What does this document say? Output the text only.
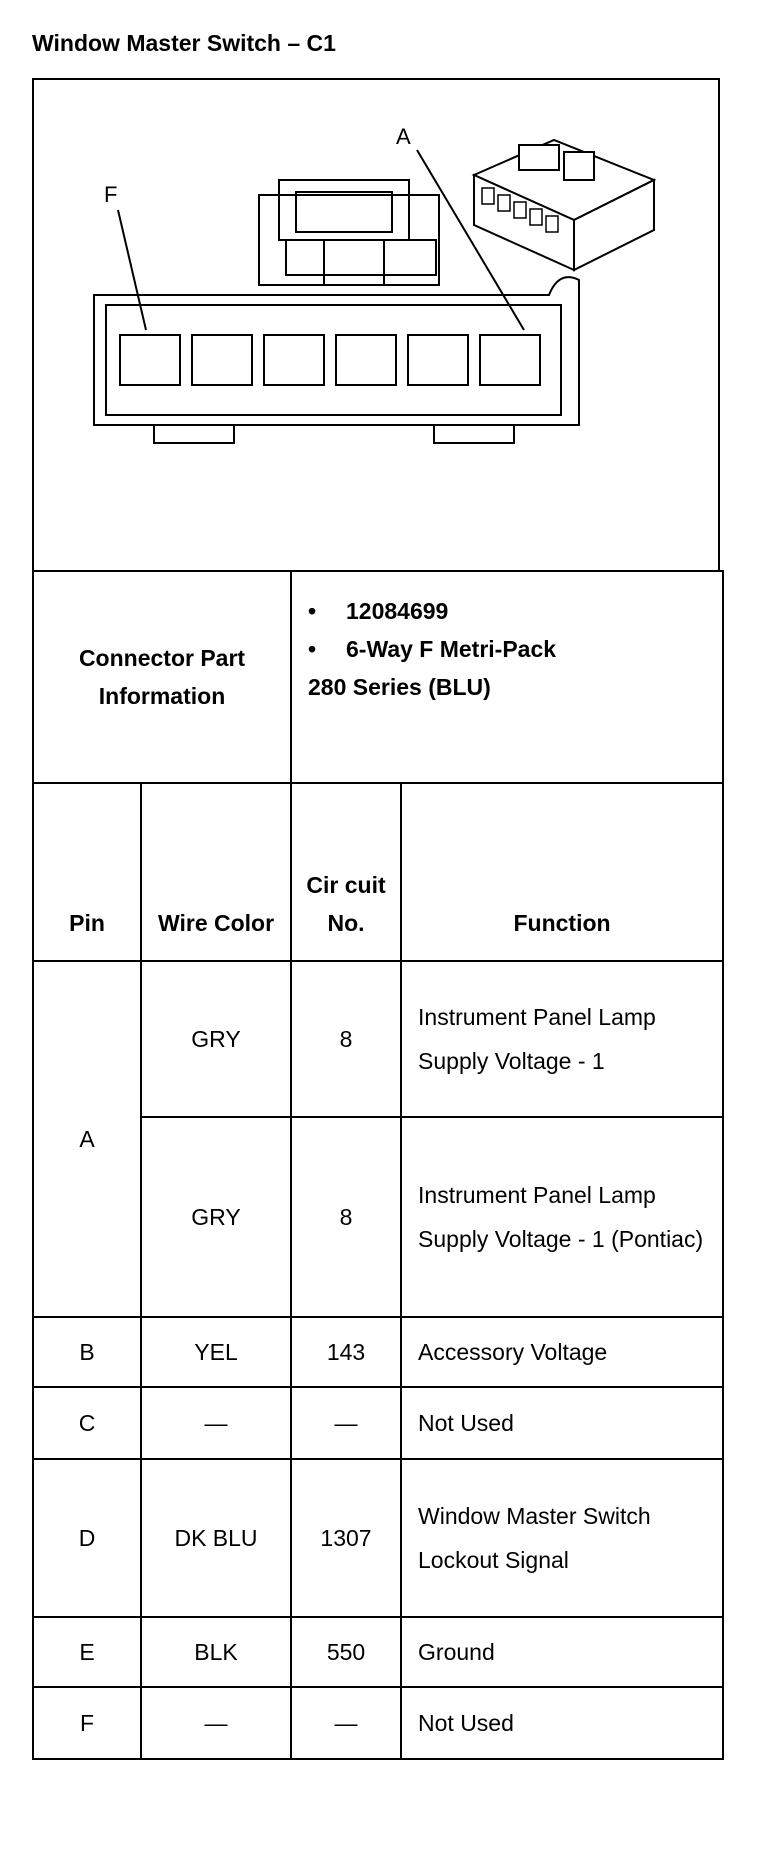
Window Master Switch – C1
A
F
Connector Part Information		• 12084699
• 6-Way F Metri-Pack
280 Series (BLU)	

Pin	Wire Color	Cir cuit No.	Function
A	GRY	8	Instrument Panel Lamp Supply Voltage - 1
	GRY	8	Instrument Panel Lamp Supply Voltage - 1 (Pontiac)
B	YEL	143	Accessory Voltage
C	—	—	Not Used
D	DK BLU	1307	Window Master Switch Lockout Signal
E	BLK	550	Ground
F	—	—	Not Used
